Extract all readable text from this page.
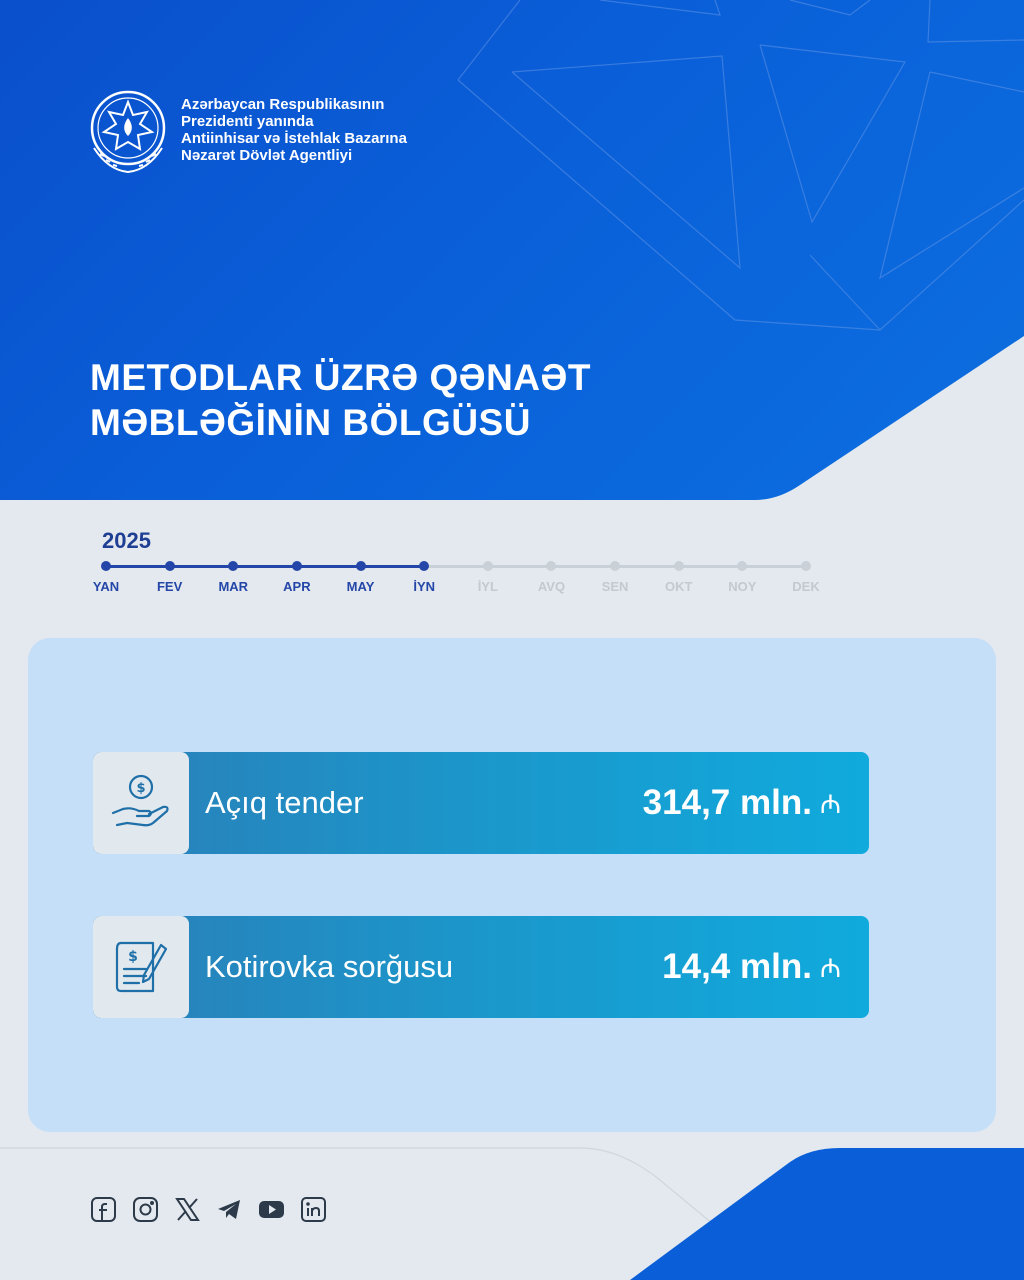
Azərbaycan Respublikasının
Prezidenti yanında
Antiinhisar və İstehlak Bazarına
Nəzarət Dövlət Agentliyi
METODLAR ÜZRƏ QƏNAƏT
MƏBLƏĞİNİN BÖLGÜSÜ
2025
YAN	FEV	MAR	APR	MAY	İYN	İYL	AVQ	SEN	OKT	NOY	DEK
$ Açıq tender	314,7 mln. ₼
$ Kotirovka sorğusu	14,4 mln. ₼
